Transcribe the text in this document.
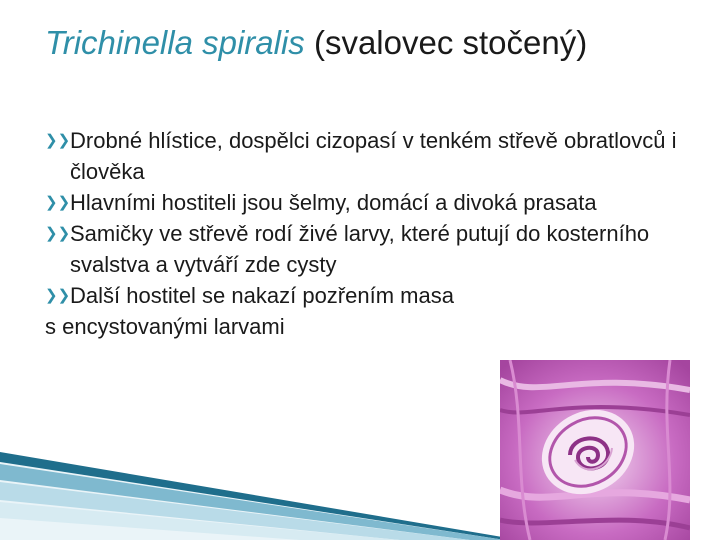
Trichinella spiralis (svalovec stočený)
❯❯ Drobné hlístice, dospělci cizopasí v tenkém střevě obratlovců i člověka
❯❯ Hlavními hostiteli jsou šelmy, domácí a divoká prasata
❯❯ Samičky ve střevě rodí živé larvy, které putují do kosterního svalstva a vytváří zde cysty
❯❯ Další hostitel se nakazí pozřením masa
s encystovanými larvami
